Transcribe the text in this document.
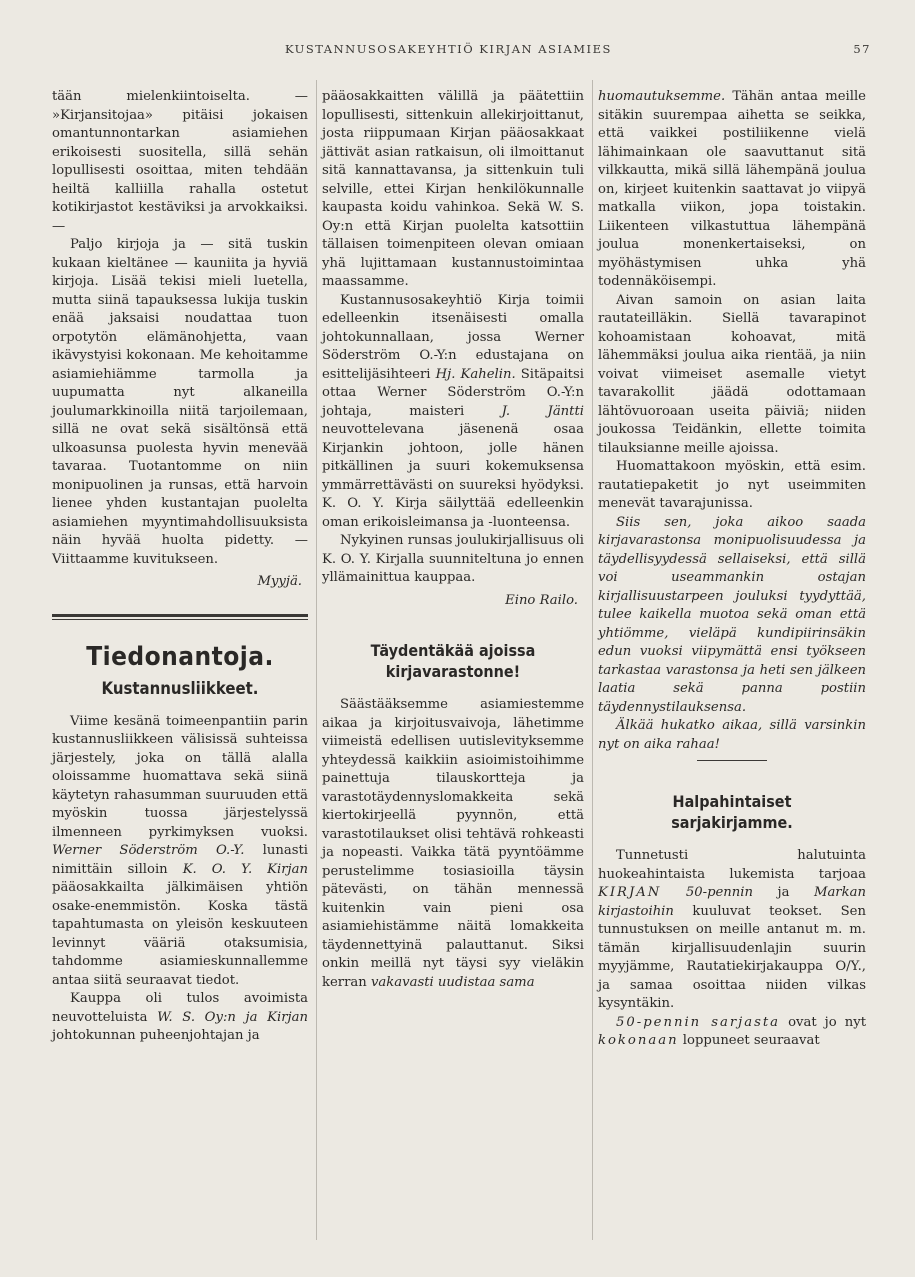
KUSTANNUSOSAKEYHTIÖ KIRJAN ASIAMIES	57

tään mielenkiintoiselta. — »Kirjansitojaa» pitäisi jokaisen omantunnontarkan asiamiehen erikoisesti suositella, sillä sehän lopullisesti osoittaa, miten tehdään heiltä kalliilla rahalla ostetut kotikirjastot kestäviksi ja arvokkaiksi. —

Paljo kirjoja ja — sitä tuskin kukaan kieltänee — kauniita ja hyviä kirjoja. Lisää tekisi mieli luetella, mutta siinä tapauksessa lukija tuskin enää jaksaisi noudattaa tuon orpotytön elämänohjetta, vaan ikävystyisi kokonaan. Me kehoitamme asiamiehiämme tarmolla ja uupumatta nyt alkaneilla joulumarkkinoilla niitä tarjoilemaan, sillä ne ovat sekä sisältönsä että ulkoasunsa puolesta hyvin menevää tavaraa. Tuotantomme on niin monipuolinen ja runsas, että harvoin lienee yhden kustantajan puolelta asiamiehen myyntimahdollisuuksista näin hyvää huolta pidetty. — Viittaamme kuvitukseen.

Myyjä.
Tiedonantoja.
Kustannusliikkeet.

Viime kesänä toimeenpantiin parin kustannusliikkeen välisissä suhteissa järjestely, joka on tällä alalla oloissamme huomattava sekä siinä käytetyn rahasumman suuruuden että myöskin tuossa järjestelyssä ilmenneen pyrkimyksen vuoksi. Werner Söderström O.-Y. lunasti nimittäin silloin K. O. Y. Kirjan pääosakkailta jälkimäisen yhtiön osake-enemmistön. Koska tästä tapahtumasta on yleisön keskuuteen levinnyt vääriä otaksumisia, tahdomme asiamieskunnallemme antaa siitä seuraavat tiedot.

Kauppa oli tulos avoimista neuvotteluista W. S. Oy:n ja Kirjan johtokunnan puheenjohtajan ja

pääosakkaitten välillä ja päätettiin lopullisesti, sittenkuin allekirjoittanut, josta riippumaan Kirjan pääosakkaat jättivät asian ratkaisun, oli ilmoittanut sitä kannattavansa, ja sittenkuin tuli selville, ettei Kirjan henkilökunnalle kaupasta koidu vahinkoa. Sekä W. S. Oy:n että Kirjan puolelta katsottiin tällaisen toimenpiteen olevan omiaan yhä lujittamaan kustannustoimintaa maassamme.

Kustannusosakeyhtiö Kirja toimii edelleenkin itsenäisesti omalla johtokunnallaan, jossa Werner Söderström O.-Y:n edustajana on esittelijäsihteeri Hj. Kahelin. Sitäpaitsi ottaa Werner Söderström O.-Y:n johtaja, maisteri	J. Jäntti neuvottelevana jäsenenä osaa Kirjankin johtoon, jolle hänen pitkällinen ja suuri kokemuksensa ymmärrettävästi on suureksi hyödyksi. K. O. Y. Kirja säilyttää edelleenkin oman erikoisleimansa ja -luonteensa.

Nykyinen runsas joulukirjallisuus oli K. O. Y. Kirjalla suunniteltuna jo ennen yllämainittua kauppaa.

Eino Railo.
Täydentäkää ajoissa kirjavarastonne!

Säästääksemme asiamiestemme aikaa ja kirjoitusvaivoja, lähetimme viimeistä edellisen uutislevityksemme yhteydessä kaikkiin asioimistoihimme painettuja tilauskortteja ja varastotäydennyslomakkeita sekä kiertokirjeellä pyynnön, että varastotilaukset olisi tehtävä rohkeasti ja nopeasti. Vaikka tätä pyyntöämme perustelimme tosiasioilla täysin pätevästi, on tähän mennessä kuitenkin vain pieni osa asiamiehistämme näitä lomakkeita täydennettyinä palauttanut. Siksi onkin meillä nyt täysi syy vieläkin kerran vakavasti uudistaa sama

huomautuksemme. Tähän antaa meille sitäkin suurempaa aihetta se seikka, että vaikkei postiliikenne vielä lähimainkaan ole saavuttanut sitä vilkkautta, mikä sillä lähempänä joulua on, kirjeet kuitenkin saattavat jo viipyä matkalla viikon, jopa toistakin. Liikenteen vilkastuttua lähempänä joulua monenkertaiseksi, on myöhästymisen uhka yhä todennäköisempi.

Aivan samoin on asian laita rautateilläkin. Siellä tavarapinot kohoamistaan kohoavat, mitä lähemmäksi joulua aika rientää, ja niin voivat viimeiset asemalle vietyt tavarakollit jäädä odottamaan lähtövuoroaan useita päiviä; niiden joukossa Teidänkin, ellette toimita tilauksianne meille ajoissa.

Huomattakoon myöskin, että esim. rautatiepaketit jo nyt useimmiten menevät tavarajunissa.

Siis sen, joka aikoo saada kirjavarastonsa monipuolisuudessa ja täydellisyydessä sellaiseksi, että sillä voi useammankin ostajan kirjallisuustarpeen jouluksi tyydyttää, tulee kaikella muotoa sekä oman että yhtiömme, vieläpä kundipiirinsäkin edun vuoksi viipymättä ensi työkseen tarkastaa varastonsa ja heti sen jälkeen laatia sekä panna postiin täydennystilauksensa.

Älkää hukatko aikaa, sillä varsinkin nyt on aika rahaa!

Halpahintaiset sarjakirjamme.

Tunnetusti halutuinta huokeahintaista lukemista tarjoaa KIRJAN 50-pennin ja Markan kirjastoihin kuuluvat teokset. Sen tunnustuksen on meille antanut m. m. tämän kirjallisuudenlajin suurin myyjämme, Rautatiekirjakauppa O/Y., ja samaa osoittaa niiden vilkas kysyntäkin.

50-pennin sarjasta ovat jo nyt kokonaan loppuneet seuraavat
